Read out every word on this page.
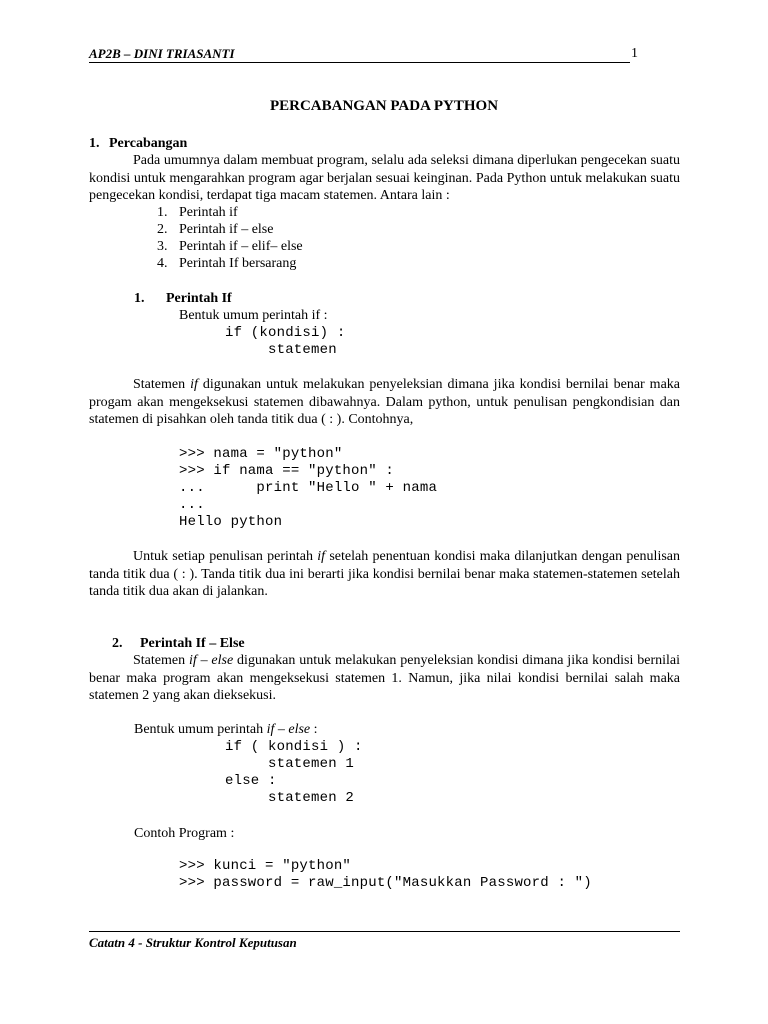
AP2B – DINI TRIASANTI	1
PERCABANGAN PADA PYTHON
1. Percabangan
Pada umumnya dalam membuat program, selalu ada seleksi dimana diperlukan pengecekan suatu kondisi untuk mengarahkan program agar berjalan sesuai keinginan. Pada Python untuk melakukan suatu pengecekan kondisi, terdapat tiga macam statemen. Antara lain :
1. Perintah if
2. Perintah if – else
3. Perintah if – elif– else
4. Perintah If bersarang
1. Perintah If
Bentuk umum perintah if :
if (kondisi) :
statemen
Statemen if digunakan untuk melakukan penyeleksian dimana jika kondisi bernilai benar maka progam akan mengeksekusi statemen dibawahnya. Dalam python, untuk penulisan pengkondisian dan statemen di pisahkan oleh tanda titik dua ( : ). Contohnya,
>>> nama = "python"
>>> if nama == "python" :
...      print "Hello " + nama
...
Hello python
Untuk setiap penulisan perintah if setelah penentuan kondisi maka dilanjutkan dengan penulisan tanda titik dua ( : ). Tanda titik dua ini berarti jika kondisi bernilai benar maka statemen-statemen setelah tanda titik dua akan di jalankan.
2. Perintah If – Else
Statemen if – else digunakan untuk melakukan penyeleksian kondisi dimana jika kondisi bernilai benar maka program akan mengeksekusi statemen 1. Namun, jika nilai kondisi bernilai salah maka statemen 2 yang akan dieksekusi.
Bentuk umum perintah if – else :
if ( kondisi ) :
statemen 1
else :
statemen 2
Contoh Program :
>>> kunci = "python"
>>> password = raw_input("Masukkan Password : ")
Catatn 4 - Struktur Kontrol Keputusan
